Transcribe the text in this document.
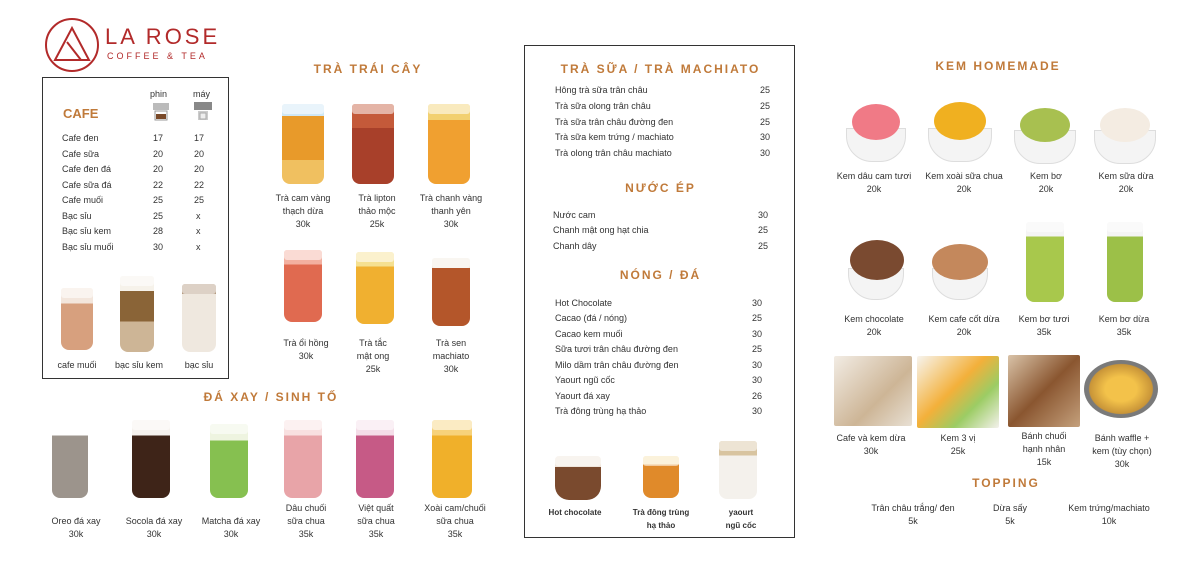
LA ROSE
COFFEE & TEA
CAFE
phin	máy
Cafe đen	17	17
Cafe sữa	20	20
Cafe đen đá	20	20
Cafe sữa đá	22	22
Cafe muối	25	25
Bạc sỉu	25	x
Bạc sỉu kem	28	x
Bạc sỉu muối	30	x
cafe muối	bạc sỉu kem	bạc sỉu
TRÀ TRÁI CÂY
Trà cam vàng
thạch dừa
30k
Trà lipton
thảo mộc
25k
Trà chanh vàng
thanh yên
30k
Trà ổi hồng
30k
Trà tắc
mật ong
25k
Trà sen
machiato
30k
ĐÁ XAY / SINH TỐ
Oreo đá xay
30k
Socola đá xay
30k
Matcha đá xay
30k
Dâu chuối
sữa chua
35k
Việt quất
sữa chua
35k
Xoài cam/chuối
sữa chua
35k
TRÀ SỮA / TRÀ MACHIATO
Hông trà sữa trân châu	25
Trà sữa olong trân châu	25
Trà sữa trân châu đường đen	25
Trà sữa kem trứng / machiato	30
Trà olong trân châu machiato	30
NƯỚC ÉP
Nước cam	30
Chanh mật ong hạt chia	25
Chanh dây	25
NÓNG / ĐÁ
Hot Chocolate	30
Cacao (đá / nóng)	25
Cacao kem muối	30
Sữa tươi trân châu đường đen	25
Milo dầm trân châu đường đen	30
Yaourt ngũ cốc	30
Yaourt đá xay	26
Trà đông trùng hạ thảo	30
Hot chocolate	Trà đông trùng
hạ thảo
yaourt
ngũ cốc
KEM HOMEMADE
Kem dâu cam tươi
20k
Kem xoài sữa chua
20k
Kem bơ
20k
Kem sữa dừa
20k
Kem chocolate
20k
Kem cafe cốt dừa
20k
Kem bơ tươi
35k
Kem bơ dừa
35k
Cafe và kem dừa
30k
Kem 3 vị
25k
Bánh chuối
hạnh nhân
15k
Bánh waffle +
kem (tùy chọn)
30k
TOPPING
Trân châu trắng/ đen
5k
Dừa sấy
5k
Kem trứng/machiato
10k
